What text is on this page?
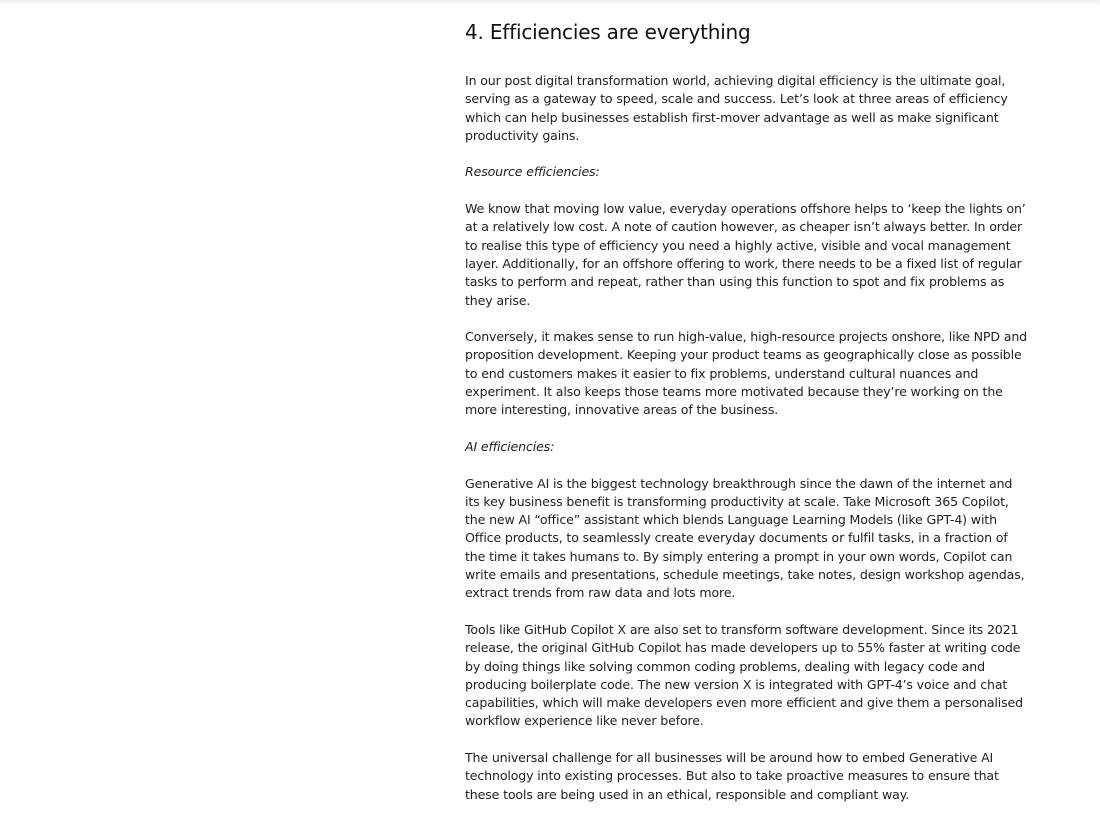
4. Efficiencies are everything

In our post digital transformation world, achieving digital efficiency is the ultimate goal, serving as a gateway to speed, scale and success. Let’s look at three areas of efficiency which can help businesses establish first-mover advantage as well as make significant productivity gains.

Resource efficiencies:

We know that moving low value, everyday operations offshore helps to ‘keep the lights on’ at a relatively low cost. A note of caution however, as cheaper isn’t always better. In order to realise this type of efficiency you need a highly active, visible and vocal management layer. Additionally, for an offshore offering to work, there needs to be a fixed list of regular tasks to perform and repeat, rather than using this function to spot and fix problems as they arise.

Conversely, it makes sense to run high-value, high-resource projects onshore, like NPD and proposition development. Keeping your product teams as geographically close as possible to end customers makes it easier to fix problems, understand cultural nuances and experiment. It also keeps those teams more motivated because they’re working on the more interesting, innovative areas of the business.

AI efficiencies:

Generative AI is the biggest technology breakthrough since the dawn of the internet and its key business benefit is transforming productivity at scale. Take Microsoft 365 Copilot, the new AI “office” assistant which blends Language Learning Models (like GPT-4) with Office products, to seamlessly create everyday documents or fulfil tasks, in a fraction of the time it takes humans to. By simply entering a prompt in your own words, Copilot can write emails and presentations, schedule meetings, take notes, design workshop agendas, extract trends from raw data and lots more.

Tools like GitHub Copilot X are also set to transform software development. Since its 2021 release, the original GitHub Copilot has made developers up to 55% faster at writing code by doing things like solving common coding problems, dealing with legacy code and producing boilerplate code. The new version X is integrated with GPT-4’s voice and chat capabilities, which will make developers even more efficient and give them a personalised workflow experience like never before.

The universal challenge for all businesses will be around how to embed Generative AI technology into existing processes. But also to take proactive measures to ensure that these tools are being used in an ethical, responsible and compliant way.
